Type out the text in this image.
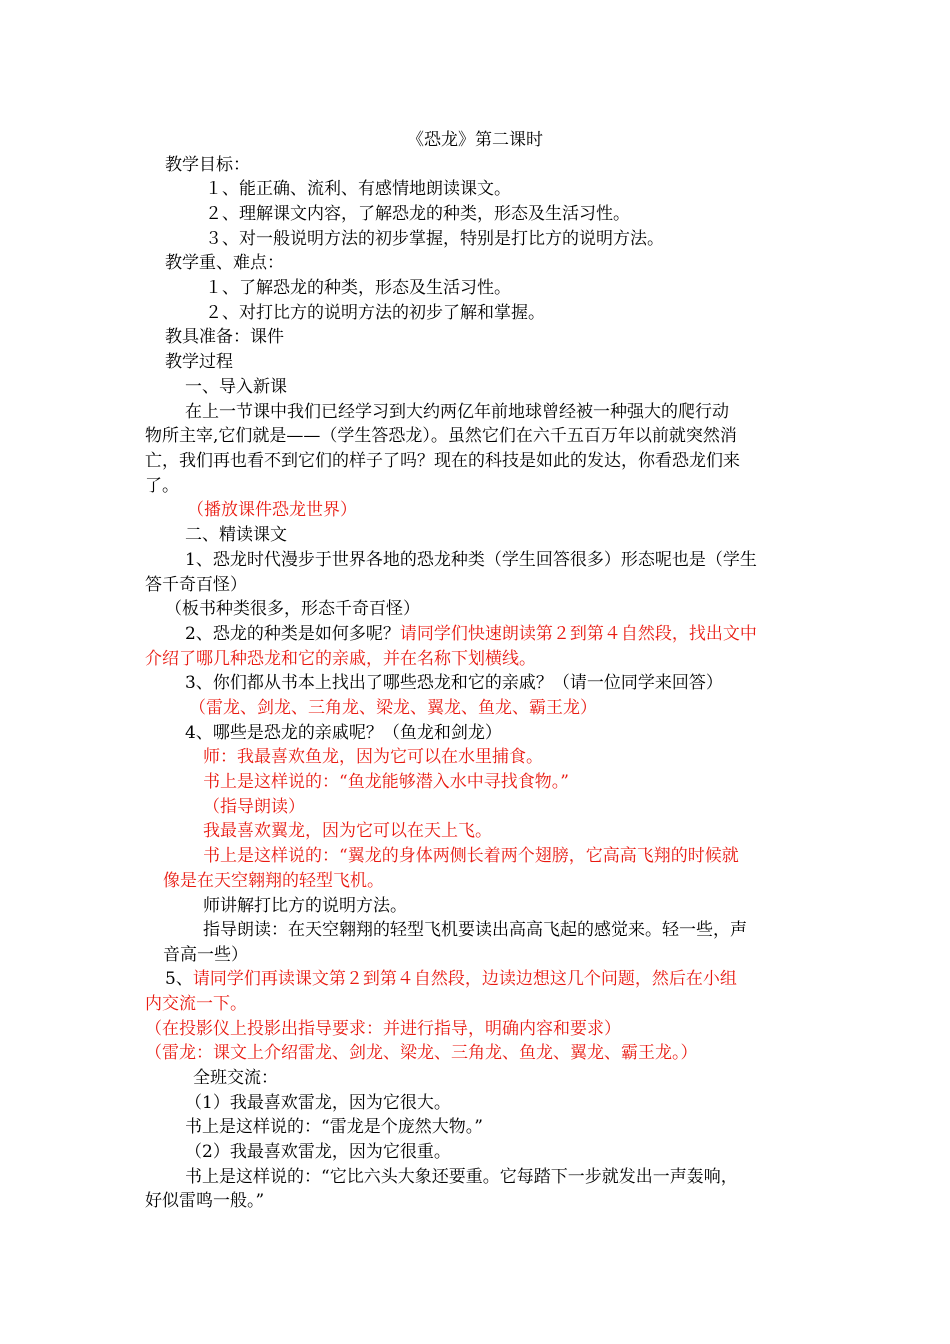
《恐龙》第二课时
教学目标：
１、能正确、流利、有感情地朗读课文。
２、理解课文内容，了解恐龙的种类，形态及生活习性。
３、对一般说明方法的初步掌握，特别是打比方的说明方法。
教学重、难点：
１、了解恐龙的种类，形态及生活习性。
２、对打比方的说明方法的初步了解和掌握。
教具准备：课件
教学过程
一、导入新课
在上一节课中我们已经学习到大约两亿年前地球曾经被一种强大的爬行动
物所主宰,它们就是——（学生答恐龙）。虽然它们在六千五百万年以前就突然消
亡，我们再也看不到它们的样子了吗？现在的科技是如此的发达，你看恐龙们来
了。
（播放课件恐龙世界）
二、精读课文
1、恐龙时代漫步于世界各地的恐龙种类（学生回答很多）形态呢也是（学生
答千奇百怪）
（板书种类很多，形态千奇百怪）
2、恐龙的种类是如何多呢？请同学们快速朗读第２到第４自然段，找出文中
介绍了哪几种恐龙和它的亲戚，并在名称下划横线。
3、你们都从书本上找出了哪些恐龙和它的亲戚？（请一位同学来回答）
（雷龙、剑龙、三角龙、梁龙、翼龙、鱼龙、霸王龙）
4、哪些是恐龙的亲戚呢？（鱼龙和剑龙）
师：我最喜欢鱼龙，因为它可以在水里捕食。
书上是这样说的：“鱼龙能够潜入水中寻找食物。”
（指导朗读）
我最喜欢翼龙，因为它可以在天上飞。
书上是这样说的：“翼龙的身体两侧长着两个翅膀，它高高飞翔的时候就
像是在天空翱翔的轻型飞机。
师讲解打比方的说明方法。
指导朗读：在天空翱翔的轻型飞机要读出高高飞起的感觉来。轻一些，声
音高一些）
5、请同学们再读课文第２到第４自然段，边读边想这几个问题，然后在小组
内交流一下。
（在投影仪上投影出指导要求：并进行指导，明确内容和要求）
（雷龙：课文上介绍雷龙、剑龙、梁龙、三角龙、鱼龙、翼龙、霸王龙。）
全班交流：
（1）我最喜欢雷龙，因为它很大。
书上是这样说的：“雷龙是个庞然大物。”
（2）我最喜欢雷龙，因为它很重。
书上是这样说的：“它比六头大象还要重。它每踏下一步就发出一声轰响，
好似雷鸣一般。”
